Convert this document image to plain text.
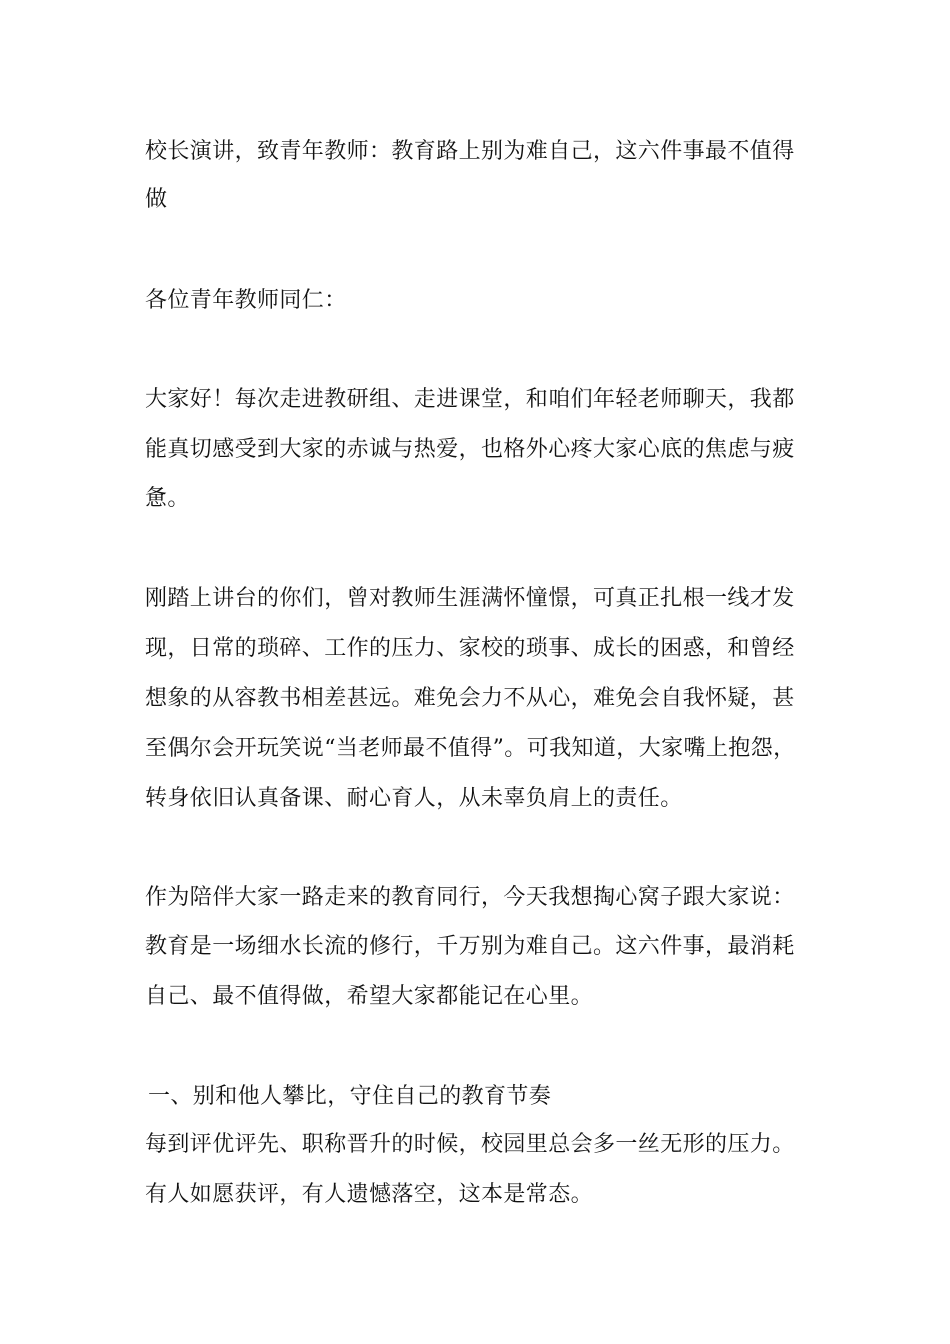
校长演讲，致青年教师：教育路上别为难自己，这六件事最不值得
做
各位青年教师同仁：
大家好！每次走进教研组、走进课堂，和咱们年轻老师聊天，我都
能真切感受到大家的赤诚与热爱，也格外心疼大家心底的焦虑与疲
惫。
刚踏上讲台的你们，曾对教师生涯满怀憧憬，可真正扎根一线才发
现，日常的琐碎、工作的压力、家校的琐事、成长的困惑，和曾经
想象的从容教书相差甚远。难免会力不从心，难免会自我怀疑，甚
至偶尔会开玩笑说“当老师最不值得”。可我知道，大家嘴上抱怨，
转身依旧认真备课、耐心育人，从未辜负肩上的责任。
作为陪伴大家一路走来的教育同行，今天我想掏心窝子跟大家说：
教育是一场细水长流的修行，千万别为难自己。这六件事，最消耗
自己、最不值得做，希望大家都能记在心里。
一、别和他人攀比，守住自己的教育节奏
每到评优评先、职称晋升的时候，校园里总会多一丝无形的压力。
有人如愿获评，有人遗憾落空，这本是常态。
